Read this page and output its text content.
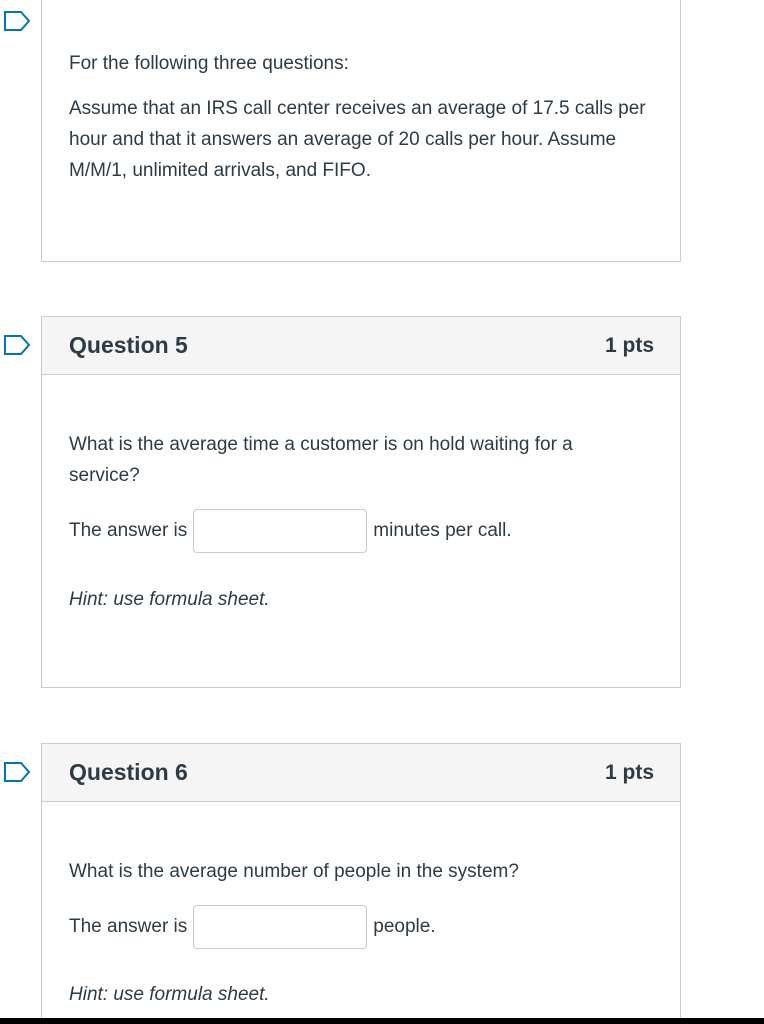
For the following three questions:
Assume that an IRS call center receives an average of 17.5 calls per hour and that it answers an average of 20 calls per hour. Assume M/M/1, unlimited arrivals, and FIFO.
Question 5	1 pts
What is the average time a customer is on hold waiting for a service?
The answer is	minutes per call.
Hint: use formula sheet.
Question 6	1 pts
What is the average number of people in the system?
The answer is	people.
Hint: use formula sheet.
